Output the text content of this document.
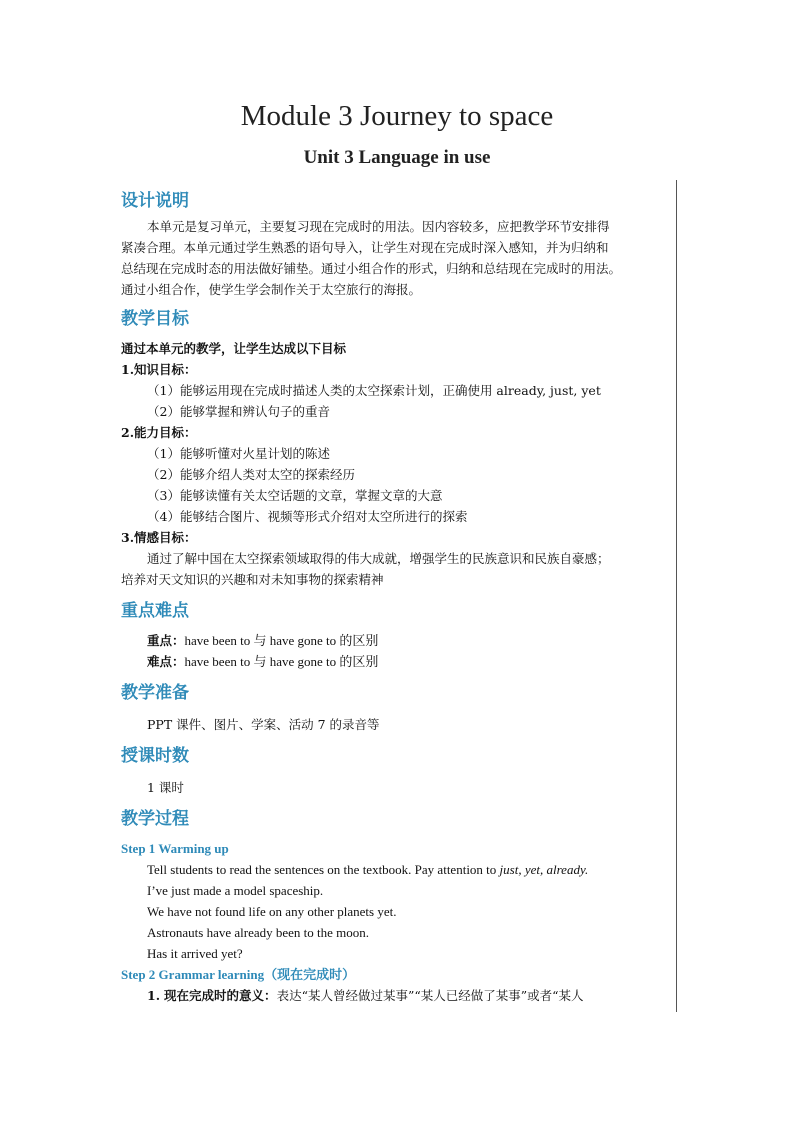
Module 3 Journey to space
Unit 3 Language in use
设计说明

本单元是复习单元，主要复习现在完成时的用法。因内容较多，应把教学环节安排得

紧凑合理。本单元通过学生熟悉的语句导入，让学生对现在完成时深入感知，并为归纳和

总结现在完成时态的用法做好铺垫。通过小组合作的形式，归纳和总结现在完成时的用法。

通过小组合作，使学生学会制作关于太空旅行的海报。

教学目标

通过本单元的教学，让学生达成以下目标

1.知识目标：

（1）能够运用现在完成时描述人类的太空探索计划，正确使用 already, just, yet

（2）能够掌握和辨认句子的重音

2.能力目标：

（1）能够听懂对火星计划的陈述

（2）能够介绍人类对太空的探索经历

（3）能够读懂有关太空话题的文章，掌握文章的大意

（4）能够结合图片、视频等形式介绍对太空所进行的探索

3.情感目标：

通过了解中国在太空探索领域取得的伟大成就，增强学生的民族意识和民族自豪感；

培养对天文知识的兴趣和对未知事物的探索精神

重点难点

重点：have been to 与 have gone to 的区别

难点：have been to 与 have gone to 的区别

教学准备

PPT 课件、图片、学案、活动 7 的录音等

授课时数

1 课时

教学过程

Step 1 Warming up

Tell students to read the sentences on the textbook. Pay attention to just, yet, already.

I’ve just made a model spaceship.

We have not found life on any other planets yet.

Astronauts have already been to the moon.

Has it arrived yet?

Step 2 Grammar learning（现在完成时）

1. 现在完成时的意义：表达“某人曾经做过某事”“某人已经做了某事”或者“某人
